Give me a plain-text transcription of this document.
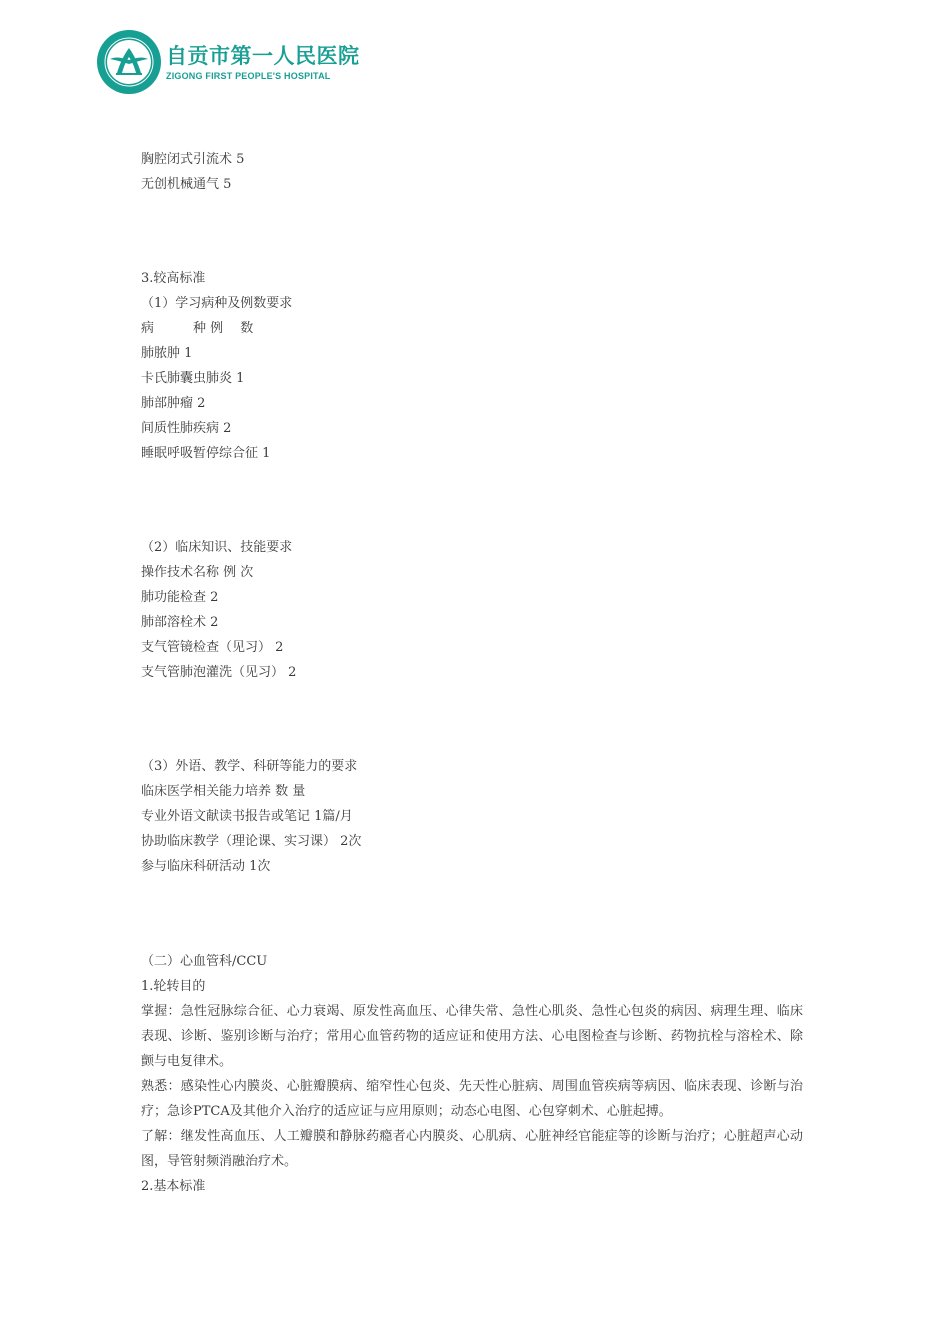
自贡市第一人民医院
ZIGONG FIRST PEOPLE'S HOSPITAL
胸腔闭式引流术 5
无创机械通气 5
3.较高标准
（1）学习病种及例数要求
病　　　种 例　 数
肺脓肿 1
卡氏肺囊虫肺炎 1
肺部肿瘤 2
间质性肺疾病 2
睡眠呼吸暂停综合征 1
（2）临床知识、技能要求
操作技术名称 例 次
肺功能检查 2
肺部溶栓术 2
支气管镜检查（见习） 2
支气管肺泡灌洗（见习） 2
（3）外语、教学、科研等能力的要求
临床医学相关能力培养 数 量
专业外语文献读书报告或笔记 1篇/月
协助临床教学（理论课、实习课） 2次
参与临床科研活动 1次
（二）心血管科/CCU
1.轮转目的
掌握：急性冠脉综合征、心力衰竭、原发性高血压、心律失常、急性心肌炎、急性心包炎的病因、病理生理、临床表现、诊断、鉴别诊断与治疗；常用心血管药物的适应证和使用方法、心电图检查与诊断、药物抗栓与溶栓术、除颤与电复律术。
熟悉：感染性心内膜炎、心脏瓣膜病、缩窄性心包炎、先天性心脏病、周围血管疾病等病因、临床表现、诊断与治疗；急诊PTCA及其他介入治疗的适应证与应用原则；动态心电图、心包穿刺术、心脏起搏。
了解：继发性高血压、人工瓣膜和静脉药瘾者心内膜炎、心肌病、心脏神经官能症等的诊断与治疗；心脏超声心动图，导管射频消融治疗术。
2.基本标准
